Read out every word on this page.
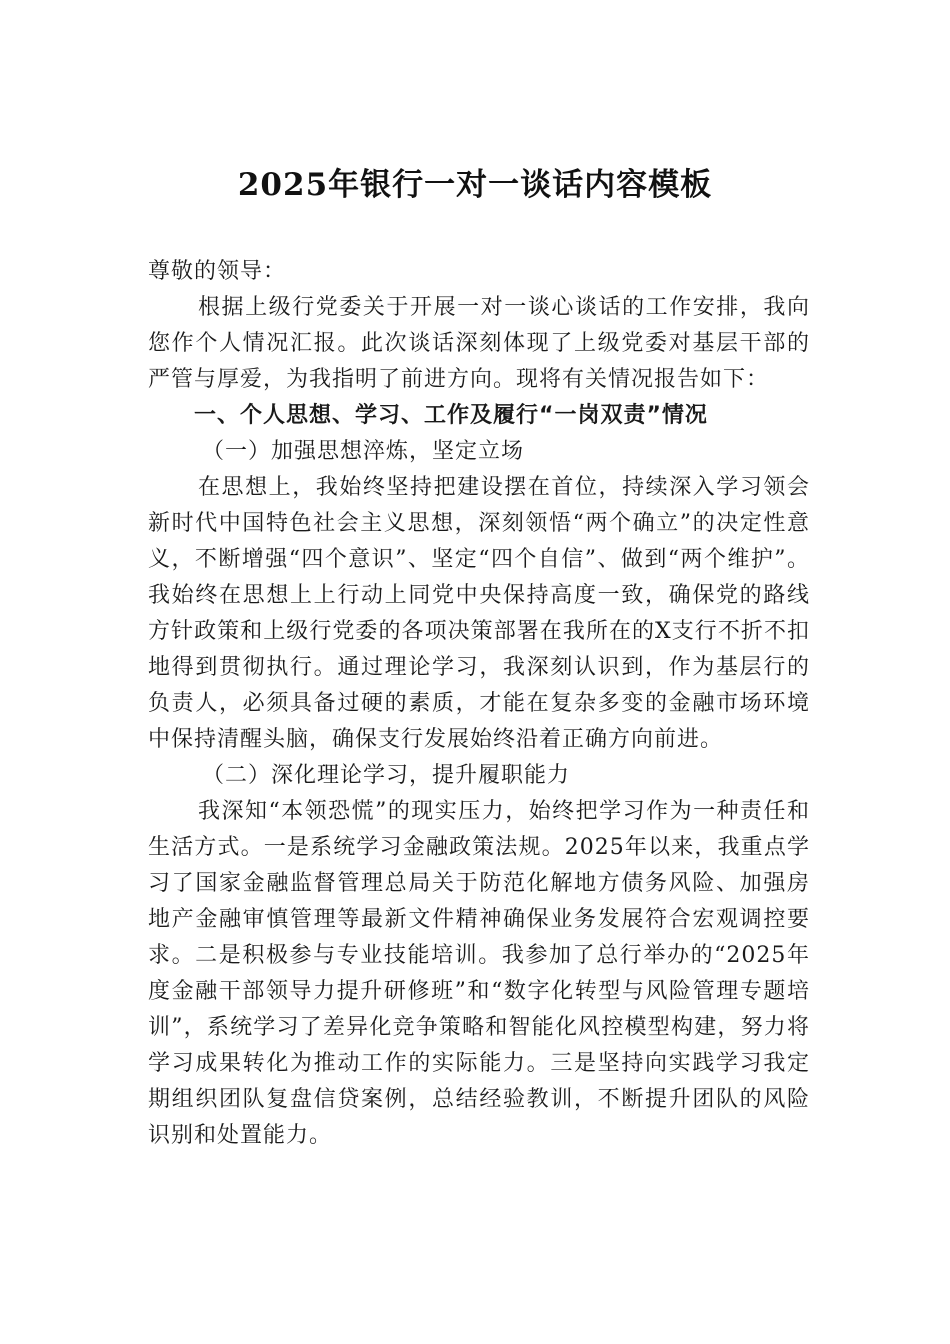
2025年银行一对一谈话内容模板

尊敬的领导：

根据上级行党委关于开展一对一谈心谈话的工作安排，我向您作个人情况汇报。此次谈话深刻体现了上级党委对基层干部的严管与厚爱，为我指明了前进方向。现将有关情况报告如下：

一、个人思想、学习、工作及履行“一岗双责”情况

（一）加强思想淬炼，坚定立场

在思想上，我始终坚持把建设摆在首位，持续深入学习领会新时代中国特色社会主义思想，深刻领悟“两个确立”的决定性意义，不断增强“四个意识”、坚定“四个自信”、做到“两个维护”。我始终在思想上上行动上同党中央保持高度一致，确保党的路线方针政策和上级行党委的各项决策部署在我所在的X支行不折不扣地得到贯彻执行。通过理论学习，我深刻认识到，作为基层行的负责人，必须具备过硬的素质，才能在复杂多变的金融市场环境中保持清醒头脑，确保支行发展始终沿着正确方向前进。

（二）深化理论学习，提升履职能力

我深知“本领恐慌”的现实压力，始终把学习作为一种责任和生活方式。一是系统学习金融政策法规。2025年以来，我重点学习了国家金融监督管理总局关于防范化解地方债务风险、加强房地产金融审慎管理等最新文件精神确保业务发展符合宏观调控要求。二是积极参与专业技能培训。我参加了总行举办的“2025年度金融干部领导力提升研修班”和“数字化转型与风险管理专题培训”，系统学习了差异化竞争策略和智能化风控模型构建，努力将学习成果转化为推动工作的实际能力。三是坚持向实践学习我定期组织团队复盘信贷案例，总结经验教训，不断提升团队的风险识别和处置能力。
